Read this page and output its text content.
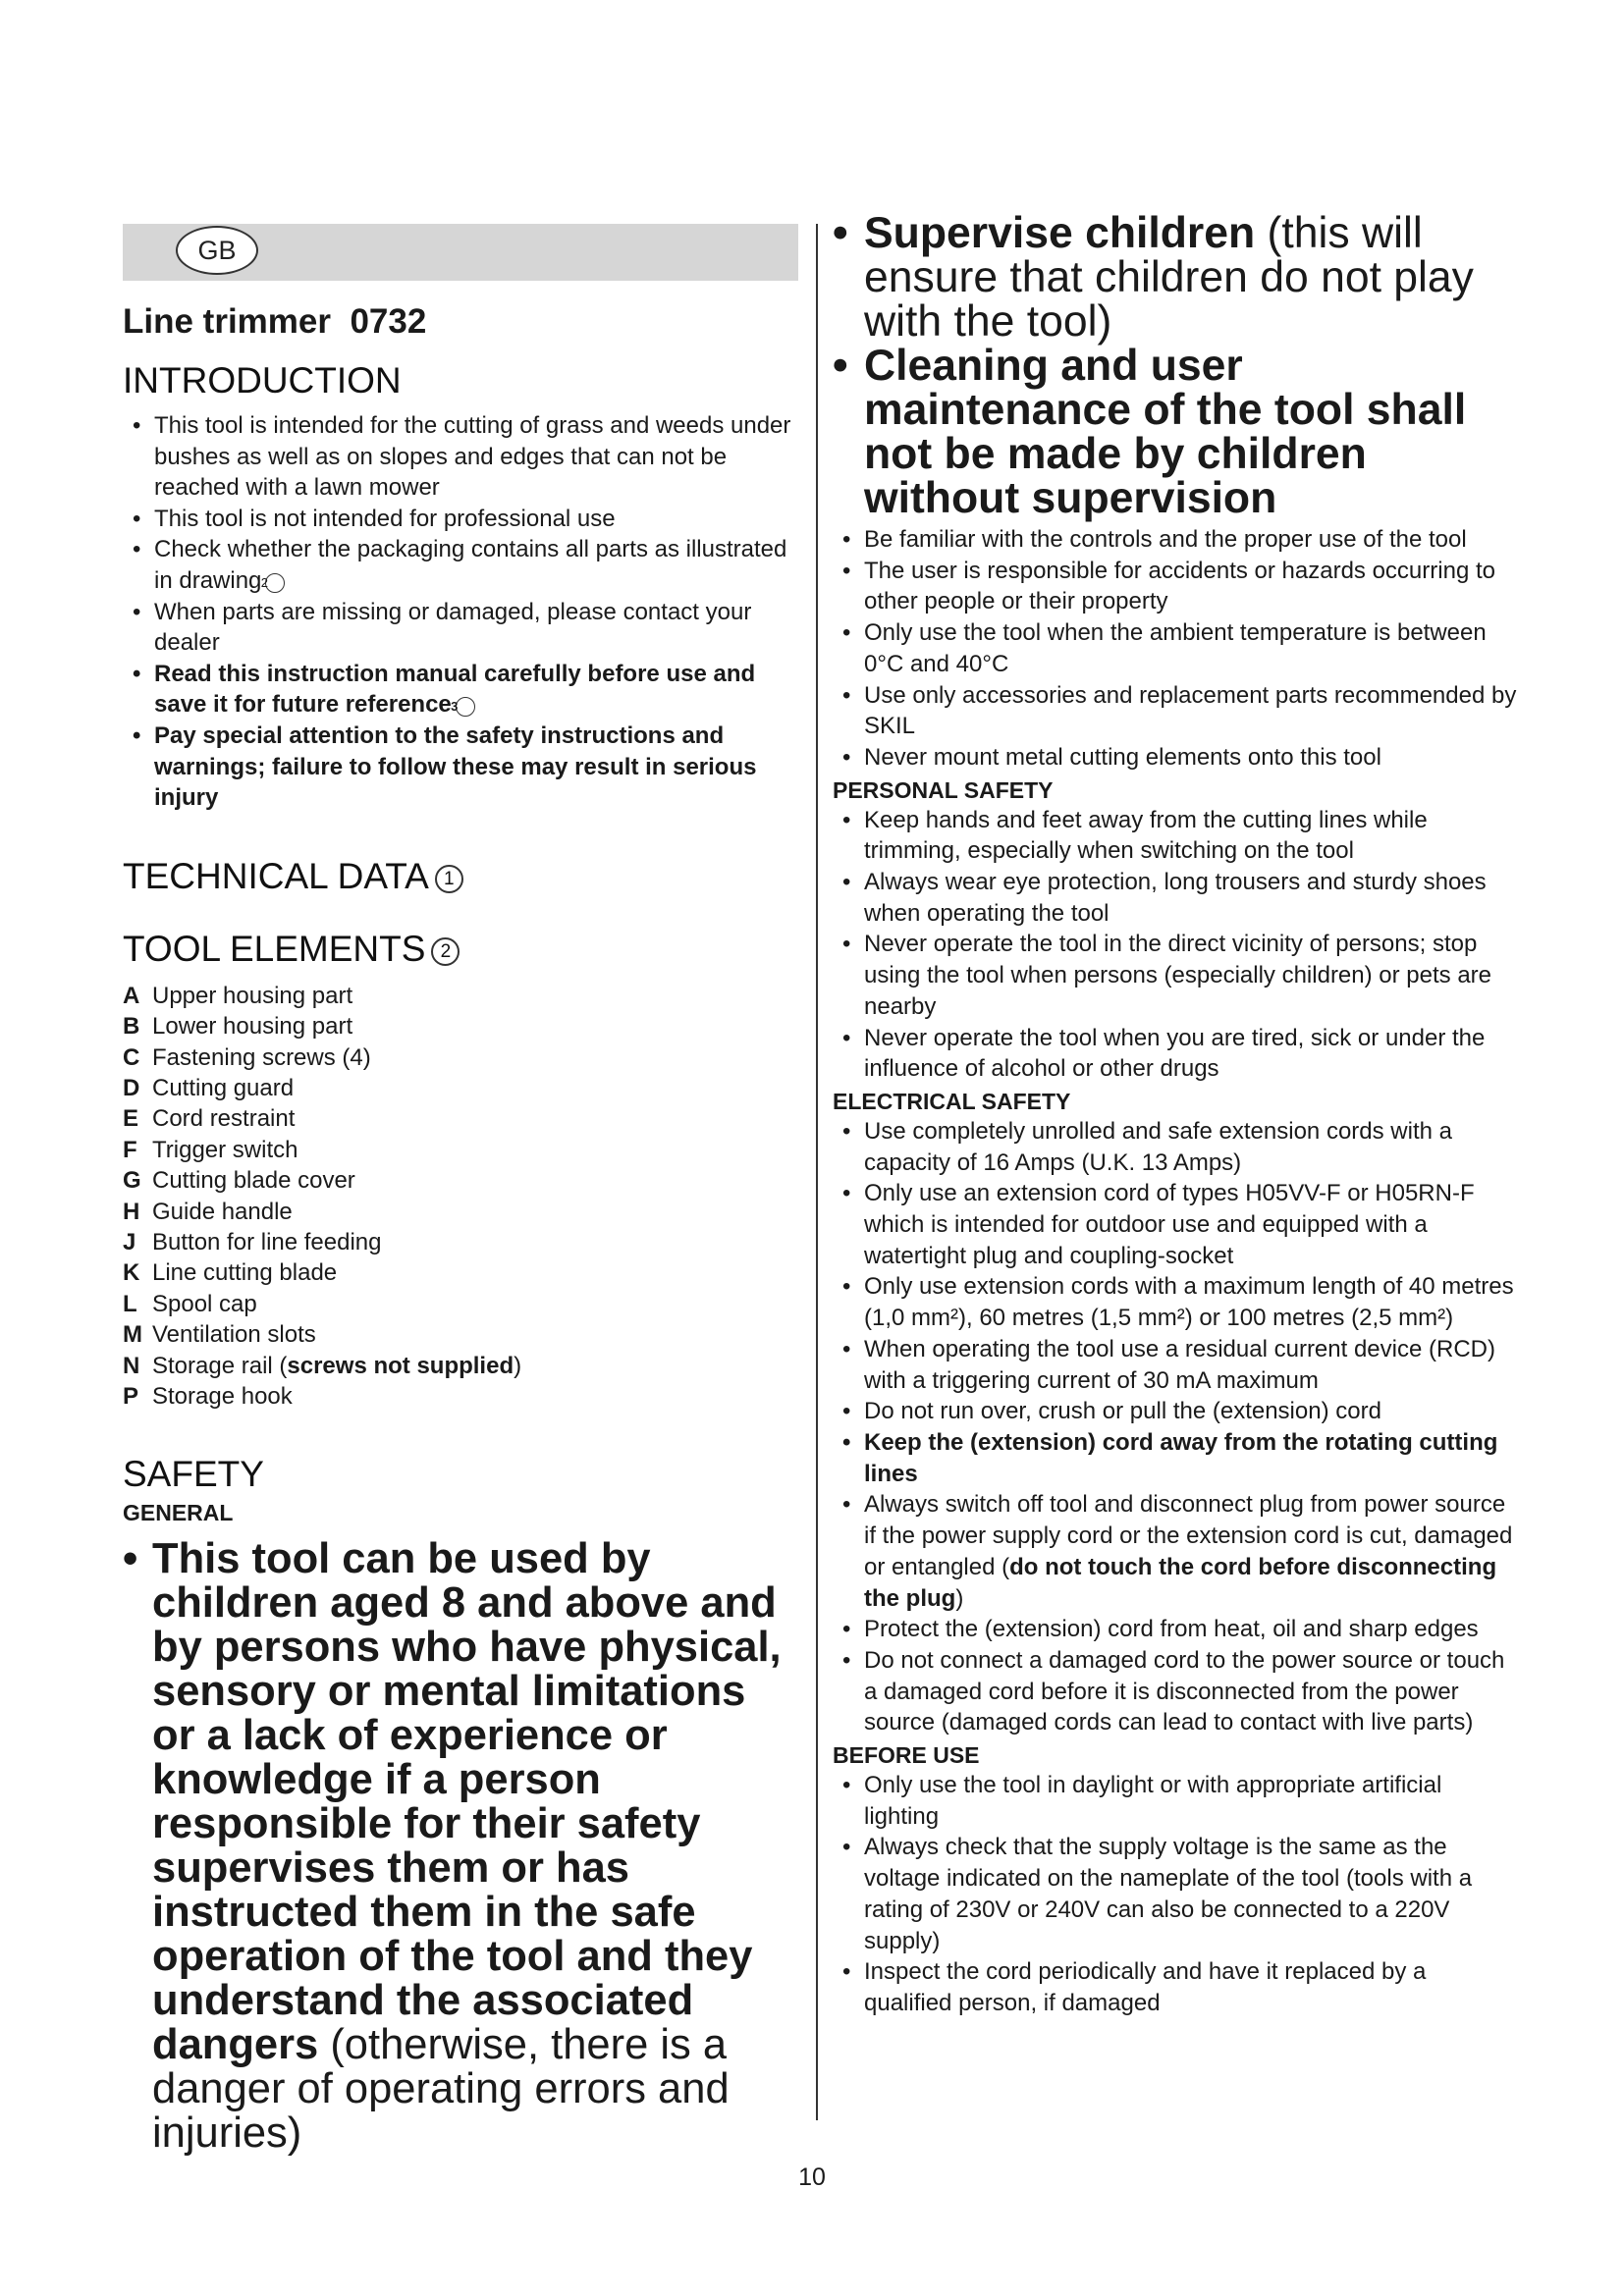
GB
Line trimmer  0732
INTRODUCTION
• This tool is intended for the cutting of grass and weeds under bushes as well as on slopes and edges that can not be reached with a lawn mower
• This tool is not intended for professional use
• Check whether the packaging contains all parts as illustrated in drawing2
• When parts are missing or damaged, please contact your dealer
• Read this instruction manual carefully before use and save it for future reference3
• Pay special attention to the safety instructions and warnings; failure to follow these may result in serious injury
TECHNICAL DATA 1
TOOL ELEMENTS 2
A Upper housing part
B Lower housing part
C Fastening screws (4)
D Cutting guard
E Cord restraint
F Trigger switch
G Cutting blade cover
H Guide handle
J Button for line feeding
K Line cutting blade
L Spool cap
M Ventilation slots
N Storage rail (screws not supplied)
P Storage hook
SAFETY
GENERAL
• This tool can be used by children aged 8 and above and by persons who have physical, sensory or mental limitations or a lack of experience or knowledge if a person responsible for their safety supervises them or has instructed them in the safe operation of the tool and they understand the associated dangers (otherwise, there is a danger of operating errors and injuries)
• Supervise children (this will ensure that children do not play with the tool)
• Cleaning and user maintenance of the tool shall not be made by children without supervision
• Be familiar with the controls and the proper use of the tool
• The user is responsible for accidents or hazards occurring to other people or their property
• Only use the tool when the ambient temperature is between 0°C and 40°C
• Use only accessories and replacement parts recommended by SKIL
• Never mount metal cutting elements onto this tool
PERSONAL SAFETY
• Keep hands and feet away from the cutting lines while trimming, especially when switching on the tool
• Always wear eye protection, long trousers and sturdy shoes when operating the tool
• Never operate the tool in the direct vicinity of persons; stop using the tool when persons (especially children) or pets are nearby
• Never operate the tool when you are tired, sick or under the influence of alcohol or other drugs
ELECTRICAL SAFETY
• Use completely unrolled and safe extension cords with a capacity of 16 Amps (U.K. 13 Amps)
• Only use an extension cord of types H05VV-F or H05RN-F which is intended for outdoor use and equipped with a watertight plug and coupling-socket
• Only use extension cords with a maximum length of 40 metres (1,0 mm²), 60 metres (1,5 mm²) or 100 metres (2,5 mm²)
• When operating the tool use a residual current device (RCD) with a triggering current of 30 mA maximum
• Do not run over, crush or pull the (extension) cord
• Keep the (extension) cord away from the rotating cutting lines
• Always switch off tool and disconnect plug from power source if the power supply cord or the extension cord is cut, damaged or entangled (do not touch the cord before disconnecting the plug)
• Protect the (extension) cord from heat, oil and sharp edges
• Do not connect a damaged cord to the power source or touch a damaged cord before it is disconnected from the power source (damaged cords can lead to contact with live parts)
BEFORE USE
• Only use the tool in daylight or with appropriate artificial lighting
• Always check that the supply voltage is the same as the voltage indicated on the nameplate of the tool (tools with a rating of 230V or 240V can also be connected to a 220V supply)
• Inspect the cord periodically and have it replaced by a qualified person, if damaged
10
